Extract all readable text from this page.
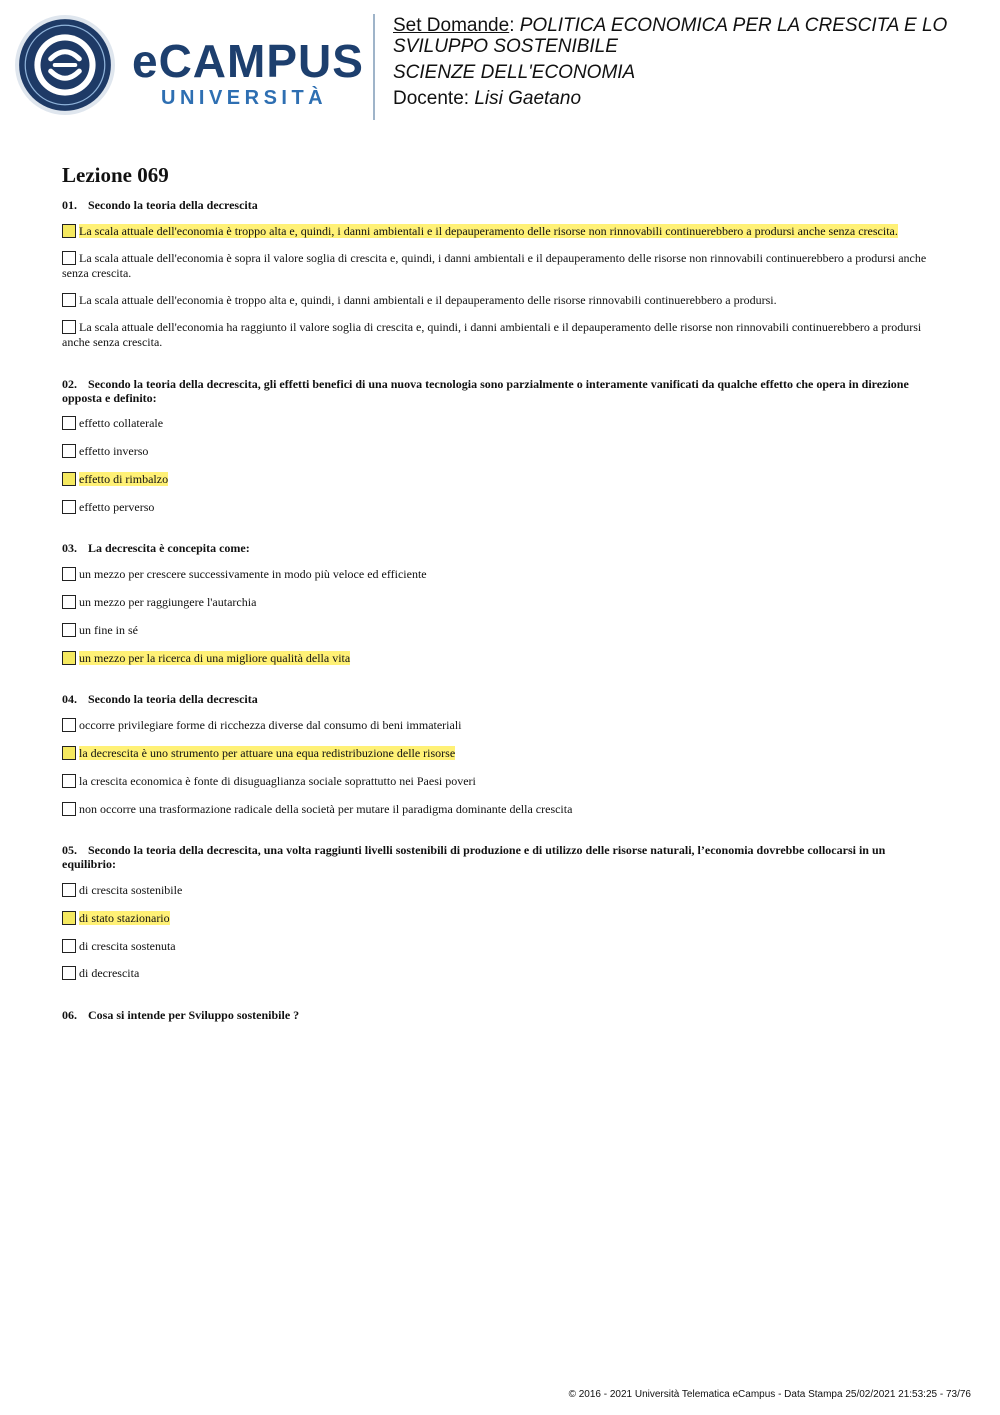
eCAMPUS
UNIVERSITÀ
Set Domande: POLITICA ECONOMICA PER LA CRESCITA E LO
SVILUPPO SOSTENIBILE
SCIENZE DELL'ECONOMIA
Docente: Lisi Gaetano
Lezione 069
01. Secondo la teoria della decrescita
La scala attuale dell'economia è troppo alta e, quindi, i danni ambientali e il depauperamento delle risorse non rinnovabili continuerebbero a prodursi anche senza crescita.
La scala attuale dell'economia è sopra il valore soglia di crescita e, quindi, i danni ambientali e il depauperamento delle risorse non rinnovabili continuerebbero a prodursi anche senza crescita.
La scala attuale dell'economia è troppo alta e, quindi, i danni ambientali e il depauperamento delle risorse rinnovabili continuerebbero a prodursi.
La scala attuale dell'economia ha raggiunto il valore soglia di crescita e, quindi, i danni ambientali e il depauperamento delle risorse non rinnovabili continuerebbero a prodursi anche senza crescita.
02. Secondo la teoria della decrescita, gli effetti benefici di una nuova tecnologia sono parzialmente o interamente vanificati da qualche effetto che opera in direzione opposta e definito:
effetto collaterale
effetto inverso
effetto di rimbalzo
effetto perverso
03. La decrescita è concepita come:
un mezzo per crescere successivamente in modo più veloce ed efficiente
un mezzo per raggiungere l'autarchia
un fine in sé
un mezzo per la ricerca di una migliore qualità della vita
04. Secondo la teoria della decrescita
occorre privilegiare forme di ricchezza diverse dal consumo di beni immateriali
la decrescita è uno strumento per attuare una equa redistribuzione delle risorse
la crescita economica è fonte di disuguaglianza sociale soprattutto nei Paesi poveri
non occorre una trasformazione radicale della società per mutare il paradigma dominante della crescita
05. Secondo la teoria della decrescita, una volta raggiunti livelli sostenibili di produzione e di utilizzo delle risorse naturali, l’economia dovrebbe collocarsi in un equilibrio:
di crescita sostenibile
di stato stazionario
di crescita sostenuta
di decrescita
06. Cosa si intende per Sviluppo sostenibile ?
© 2016 - 2021 Università Telematica eCampus - Data Stampa 25/02/2021 21:53:25 - 73/76
